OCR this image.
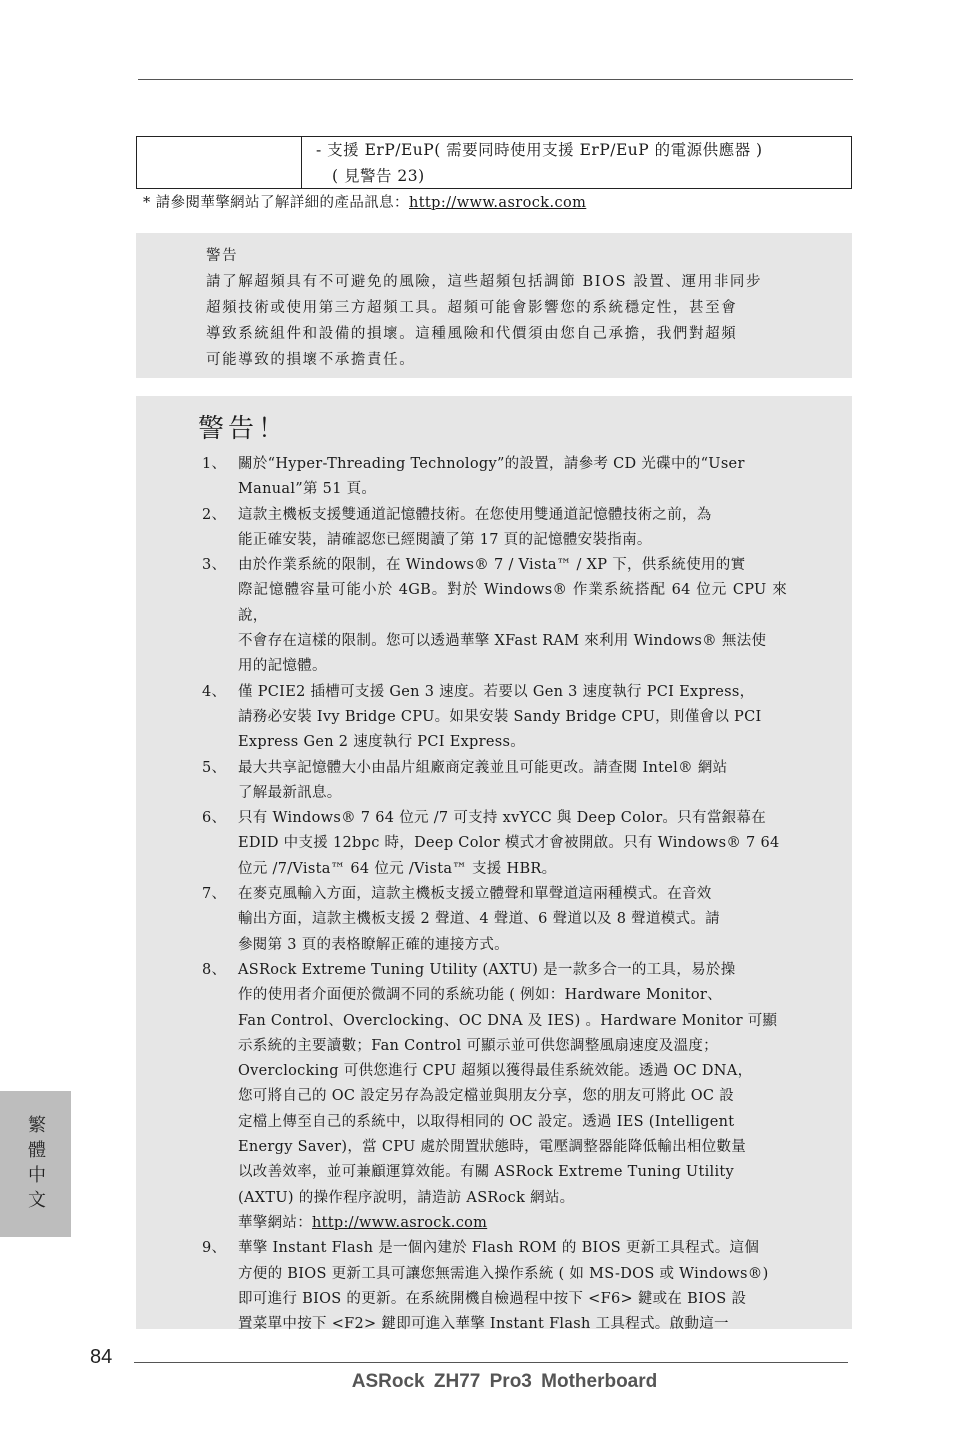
- 支援 ErP/EuP( 需要同時使用支援 ErP/EuP 的電源供應器 )
( 見警告 23)
* 請參閱華擎網站了解詳細的產品訊息：http://www.asrock.com
警告
請了解超頻具有不可避免的風險，這些超頻包括調節 BIOS 設置、運用非同步
超頻技術或使用第三方超頻工具。超頻可能會影響您的系統穩定性，甚至會
導致系統組件和設備的損壞。這種風險和代價須由您自己承擔，我們對超頻
可能導致的損壞不承擔責任。
警告！
1、 關於“Hyper-Threading Technology”的設置，請參考 CD 光碟中的“User
Manual”第 51 頁。
2、 這款主機板支援雙通道記憶體技術。在您使用雙通道記憶體技術之前，為
能正確安裝，請確認您已經閱讀了第 17 頁的記憶體安裝指南。
3、 由於作業系統的限制，在 Windows® 7 / Vista™ / XP 下，供系統使用的實
際記憶體容量可能小於 4GB。對於 Windows® 作業系統搭配 64 位元 CPU 來說，
不會存在這樣的限制。您可以透過華擎 XFast RAM 來利用 Windows® 無法使
用的記憶體。
4、 僅 PCIE2 插槽可支援 Gen 3 速度。若要以 Gen 3 速度執行 PCI Express，
請務必安裝 Ivy Bridge CPU。如果安裝 Sandy Bridge CPU，則僅會以 PCI
Express Gen 2 速度執行 PCI Express。
5、 最大共享記憶體大小由晶片組廠商定義並且可能更改。請查閱 Intel® 網站
了解最新訊息。
6、 只有 Windows® 7 64 位元 /7 可支持 xvYCC 與 Deep Color。只有當銀幕在
EDID 中支援 12bpc 時，Deep Color 模式才會被開啟。只有 Windows® 7 64
位元 /7/Vista™ 64 位元 /Vista™ 支援 HBR。
7、 在麥克風輸入方面，這款主機板支援立體聲和單聲道這兩種模式。在音效
輸出方面，這款主機板支援 2 聲道、4 聲道、6 聲道以及 8 聲道模式。請
參閱第 3 頁的表格瞭解正確的連接方式。
8、 ASRock Extreme Tuning Utility (AXTU) 是一款多合一的工具，易於操
作的使用者介面便於微調不同的系統功能 ( 例如：Hardware Monitor、
Fan Control、Overclocking、OC DNA 及 IES) 。Hardware Monitor 可顯
示系統的主要讀數；Fan Control 可顯示並可供您調整風扇速度及溫度；
Overclocking 可供您進行 CPU 超頻以獲得最佳系統效能。透過 OC DNA，
您可將自己的 OC 設定另存為設定檔並與朋友分享，您的朋友可將此 OC 設
定檔上傳至自己的系統中，以取得相同的 OC 設定。透過 IES (Intelligent
Energy Saver)，當 CPU 處於閒置狀態時，電壓調整器能降低輸出相位數量
以改善效率，並可兼顧運算效能。有關 ASRock Extreme Tuning Utility
(AXTU) 的操作程序說明，請造訪 ASRock 網站。
華擎網站：http://www.asrock.com
9、 華擎 Instant Flash 是一個內建於 Flash ROM 的 BIOS 更新工具程式。這個
方便的 BIOS 更新工具可讓您無需進入操作系統 ( 如 MS-DOS 或 Windows®)
即可進行 BIOS 的更新。在系統開機自檢過程中按下 <F6> 鍵或在 BIOS 設
置菜單中按下 <F2> 鍵即可進入華擎 Instant Flash 工具程式。啟動這一
繁體中文
84
ASRock ZH77 Pro3 Motherboard
